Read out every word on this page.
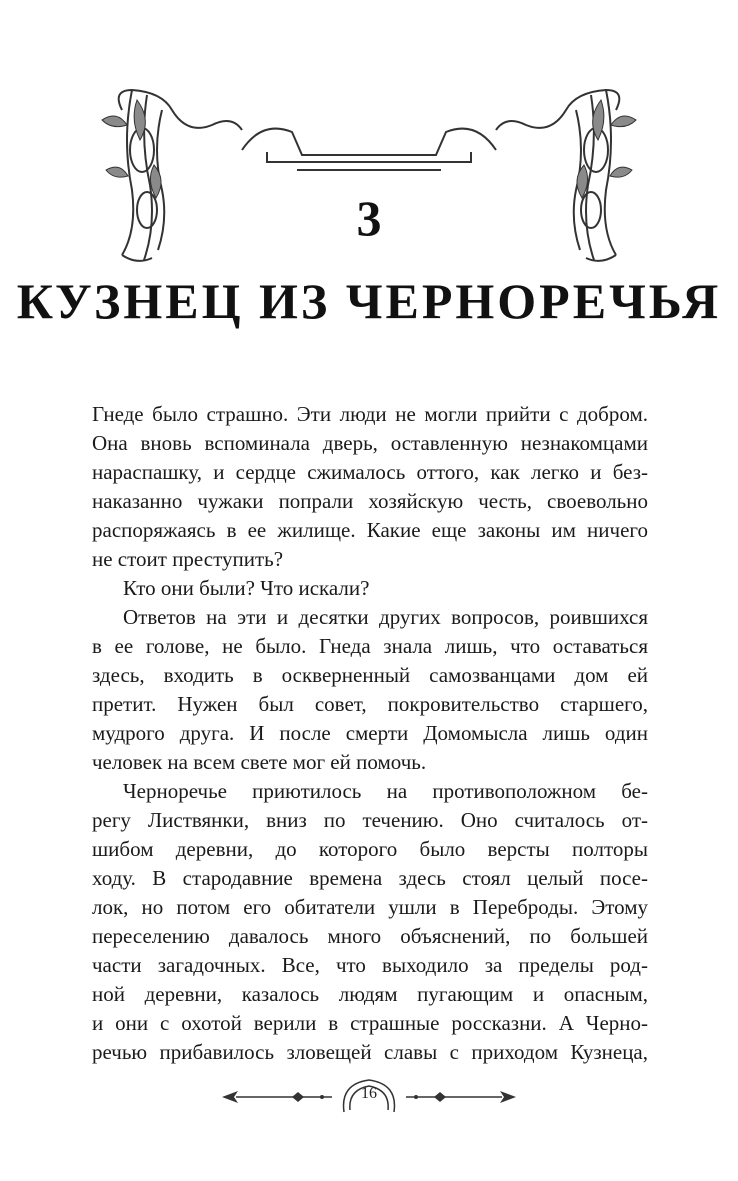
3
КУЗНЕЦ ИЗ ЧЕРНОРЕЧЬЯ
Гнеде было страшно. Эти люди не могли прийти с добром.
Она вновь вспоминала дверь, оставленную незнакомцами
нараспашку, и сердце сжималось оттого, как легко и без-
наказанно чужаки попрали хозяйскую честь, своевольно
распоряжаясь в ее жилище. Какие еще законы им ничего
не стоит преступить?
Кто они были? Что искали?
Ответов на эти и десятки других вопросов, роившихся
в ее голове, не было. Гнеда знала лишь, что оставаться
здесь, входить в оскверненный самозванцами дом ей
претит. Нужен был совет, покровительство старшего,
мудрого друга. И после смерти Домомысла лишь один
человек на всем свете мог ей помочь.
Черноречье приютилось на противоположном бе-
регу Листвянки, вниз по течению. Оно считалось от-
шибом деревни, до которого было версты полторы
ходу. В стародавние времена здесь стоял целый посе-
лок, но потом его обитатели ушли в Переброды. Этому
переселению давалось много объяснений, по большей
части загадочных. Все, что выходило за пределы род-
ной деревни, казалось людям пугающим и опасным,
и они с охотой верили в страшные россказни. А Черно-
речью прибавилось зловещей славы с приходом Кузнеца,
16
